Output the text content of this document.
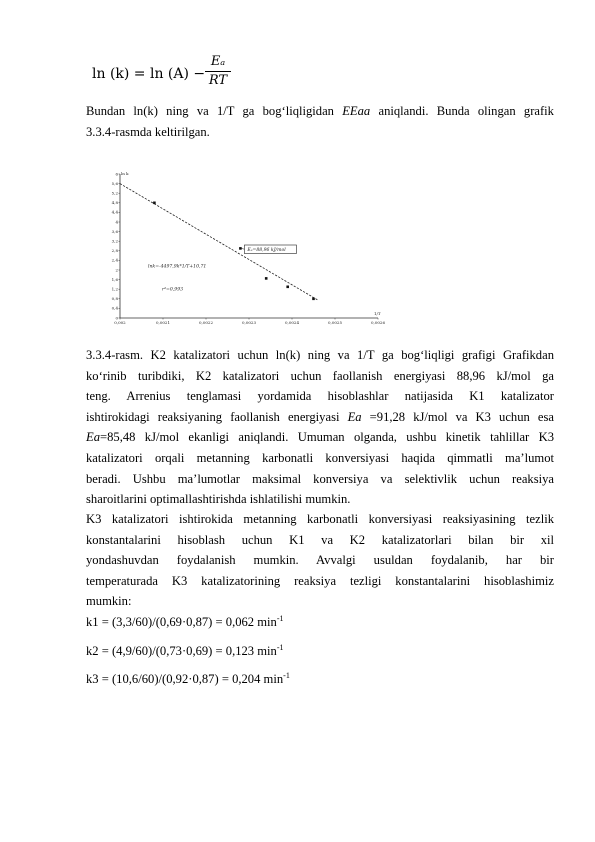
ln (k) = ln (A) −
Eₐ
RT
Bundan ln(k) ning va 1/T ga bog‘liqligidan EEaa aniqlandi. Bunda olingan grafik
3.3.4-rasmda keltirilgan.
0
0,4
0,8
1,2
1,6
2
2,4
2,8
3,2
3,6
4
4,4
4,8
5,2
5,6
6
0,002	0,0021	0,0022	0,0023	0,0024	0,0025	0,0026
ln k
1/T
lnk=-4497,9k*1/T+10,71
r²=0,993
Eₐ=88,96 kJ/mol
3.3.4-rasm. K2 katalizatori uchun ln(k) ning va 1/T ga bog‘liqligi grafigi Grafikdan
ko‘rinib turibdiki, K2 katalizatori uchun faollanish energiyasi 88,96 kJ/mol ga
teng. Arrenius tenglamasi yordamida hisoblashlar natijasida K1 katalizator
ishtirokidagi reaksiyaning faollanish energiyasi Ea =91,28 kJ/mol va K3 uchun esa
Ea=85,48 kJ/mol ekanligi aniqlandi. Umuman olganda, ushbu kinetik tahlillar K3
katalizatori orqali metanning karbonatli konversiyasi haqida qimmatli ma’lumot
beradi. Ushbu ma’lumotlar maksimal konversiya va selektivlik uchun reaksiya
sharoitlarini optimallashtirishda ishlatilishi mumkin.
K3 katalizatori ishtirokida metanning karbonatli konversiyasi reaksiyasining tezlik
konstantalarini hisoblash uchun K1 va K2 katalizatorlari bilan bir xil
yondashuvdan foydalanish mumkin. Avvalgi usuldan foydalanib, har bir
temperaturada K3 katalizatorining reaksiya tezligi konstantalarini hisoblashimiz
mumkin:
k1 = (3,3/60)/(0,69·0,87) = 0,062 $\min^{-1}$
k2 = (4,9/60)/(0,73·0,69) = 0,123 $\min^{-1}$
k3 = (10,6/60)/(0,92·0,87) = 0,204 $\min^{-1}$
